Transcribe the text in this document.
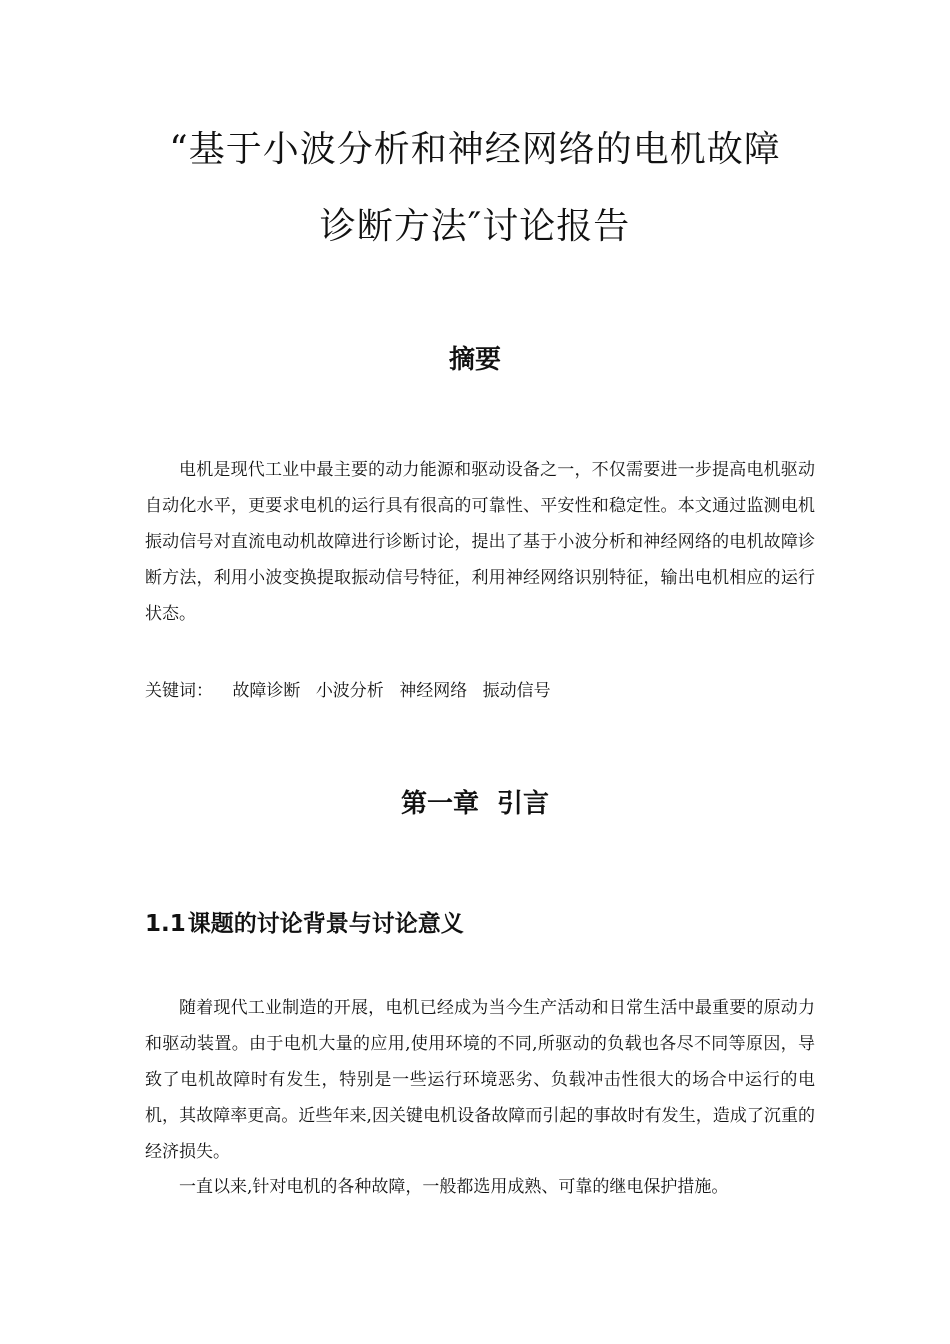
“基于小波分析和神经网络的电机故障
诊断方法″讨论报告
摘要

电机是现代工业中最主要的动力能源和驱动设备之一，不仅需要进一步提高电机驱动自动化水平，更要求电机的运行具有很高的可靠性、平安性和稳定性。本文通过监测电机振动信号对直流电动机故障进行诊断讨论，提出了基于小波分析和神经网络的电机故障诊断方法，利用小波变换提取振动信号特征，利用神经网络识别特征，输出电机相应的运行状态。

关键词： 故障诊断 小波分析 神经网络 振动信号
第一章  引言
1.1课题的讨论背景与讨论意义

随着现代工业制造的开展，电机已经成为当今生产活动和日常生活中最重要的原动力和驱动装置。由于电机大量的应用,使用环境的不同,所驱动的负载也各尽不同等原因，导致了电机故障时有发生，特别是一些运行环境恶劣、负载冲击性很大的场合中运行的电机，其故障率更高。近些年来,因关键电机设备故障而引起的事故时有发生，造成了沉重的经济损失。

一直以来,针对电机的各种故障，一般都选用成熟、可靠的继电保护措施。
